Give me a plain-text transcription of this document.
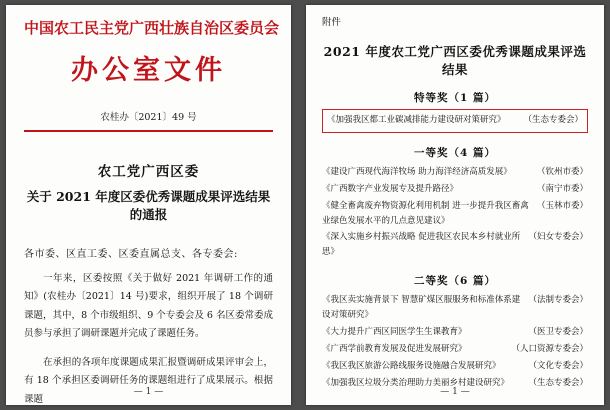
中国农工民主党广西壮族自治区委员会
办公室文件
农桂办〔2021〕49 号
农工党广西区委
关于 2021 年度区委优秀课题成果评选结果的通报
各市委、区直工委、区委直属总支、各专委会:
一年来，区委按照《关于做好 2021 年调研工作的通知》(农桂办〔2021〕14 号)要求，组织开展了 18 个调研课题，其中，8 个市级组织、9 个专委会及 6 名区委常委成员参与承担了调研课题并完成了课题任务。
在承担的各项年度课题成果汇报暨调研成果评审会上，有 18 个承担区委调研任务的课题组进行了成果展示。根据课题
— 1 —
附件
2021 年度农工党广西区委优秀课题成果评选结果
特等奖（1 篇）
《加强我区都工业碳减排能力建设研对策研究》	（生态专委会）
一等奖（4 篇）
《建设广西现代海洋牧场 助力海洋经济高质发展》	（钦州市委）
《广西数字产业发展专及提升路径》	（南宁市委）
《健全畜禽废弃物资源化利用机制 进一步提升我区畜禽业绿色发展水平的几点意见建议》
（玉林市委）
《深入实施乡村振兴战略 促进我区农民本乡村就业所思》
（妇女专委会）
二等奖（6 篇）
《我区卖实施背景下 智慧矿煤区服服务和标准体系建设对策研究》
（法制专委会）
《大力提升广西区同医学生生课教育》	（医卫专委会）
《广西学前教育发展及促进发展研究》	（人口资源专委会）
《我区我区旅游公路线服务设施融合发展研究》	（文化专委会）
《加强我区垃圾分类治理助力美丽乡村建设研究》	（生态专委会）
— 1 —
